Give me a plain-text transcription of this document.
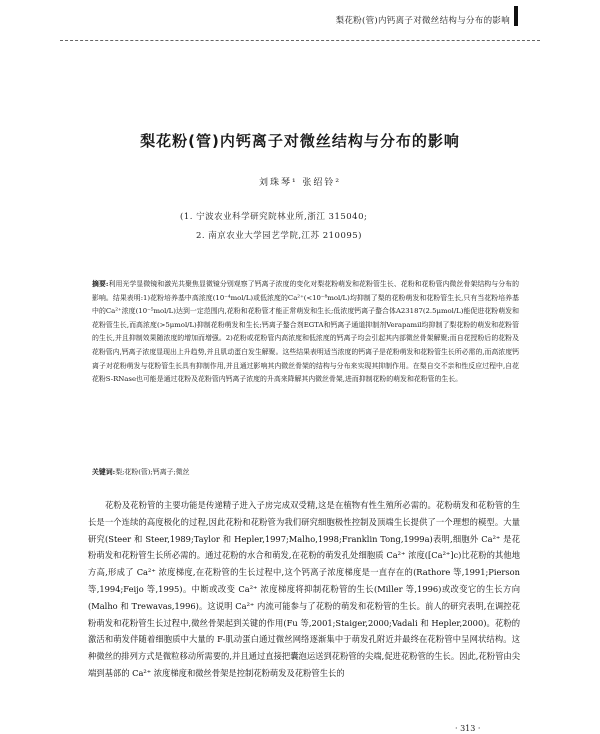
梨花粉(管)内钙离子对微丝结构与分布的影响
梨花粉(管)内钙离子对微丝结构与分布的影响
刘珠琴¹ 张绍铃²
(1. 宁波农业科学研究院林业所,浙江 315040;
2. 南京农业大学园艺学院,江苏 210095)
摘要:利用光学显微镜和激光共聚焦显微镜分别观察了钙离子浓度的变化对梨花粉萌发和花粉管生长、花粉和花粉管内微丝骨架结构与分布的影响。结果表明:1)花粉培养基中高浓度(10⁻⁴mol/L)或低浓度的Ca²⁺(<10⁻⁸mol/L)均抑制了梨的花粉萌发和花粉管生长,只有当花粉培养基中的Ca²⁺浓度(10⁻⁵mol/L)达到一定范围内,花粉和花粉管才能正常萌发和生长;低浓度钙离子螯合体A23187(2.5μmol/L)能促进花粉萌发和花粉管生长,而高浓度(>5μmol/L)抑制花粉萌发和生长;钙离子螯合剂EGTA和钙离子通道抑制剂Verapamil均抑制了梨花粉的萌发和花粉管的生长,并且抑制效果随浓度的增加而增强。2)花粉或花粉管内高浓度和低浓度的钙离子均会引起其内部微丝骨架解聚;而自花授粉后的花粉及花粉管内,钙离子浓度显现出上升趋势,并且肌动蛋白发生解聚。这些结果表明适当浓度的钙离子是花粉萌发和花粉管生长所必需的,而高浓度钙离子对花粉萌发与花粉管生长具有抑制作用,并且通过影响其内微丝骨架的结构与分布来实现其抑制作用。在梨自交不亲和性反应过程中,自花花粉S-RNase也可能是通过花粉及花粉管内钙离子浓度的升高来降解其内微丝骨架,进而抑制花粉的萌发和花粉管的生长。
关键词:梨;花粉(管);钙离子;微丝
花粉及花粉管的主要功能是传递精子进入子房完成双受精,这是在植物有性生殖所必需的。花粉萌发和花粉管的生长是一个连续的高度极化的过程,因此花粉和花粉管为我们研究细胞极性控制及顶端生长提供了一个理想的模型。大量研究(Steer 和 Steer,1989;Taylor 和 Hepler,1997;Malho,1998;Franklin Tong,1999a)表明,细胞外 Ca²⁺ 是花粉萌发和花粉管生长所必需的。通过花粉的水合和萌发,在花粉的萌发孔处细胞质 Ca²⁺ 浓度([Ca²⁺]c)比花粉的其他地方高,形成了 Ca²⁺ 浓度梯度,在花粉管的生长过程中,这个钙离子浓度梯度是一直存在的(Rathore 等,1991;Pierson 等,1994;Feijo 等,1995)。中断或改变 Ca²⁺ 浓度梯度将抑制花粉管的生长(Miller 等,1996)或改变它的生长方向(Malho 和 Trewavas,1996)。这说明 Ca²⁺ 内流可能参与了花粉的萌发和花粉管的生长。前人的研究表明,在调控花粉萌发和花粉管生长过程中,微丝骨架起到关键的作用(Fu 等,2001;Staiger,2000;Vadali 和 Hepler,2000)。花粉的激活和萌发伴随着细胞质中大量的 F-肌动蛋白通过微丝网络逐渐集中于萌发孔附近并最终在花粉管中呈网状结构。这种微丝的排列方式是微粒移动所需要的,并且通过直接把囊泡运送到花粉管的尖端,促进花粉管的生长。因此,花粉管由尖端到基部的 Ca²⁺ 浓度梯度和微丝骨架是控制花粉萌发及花粉管生长的
· 313 ·
